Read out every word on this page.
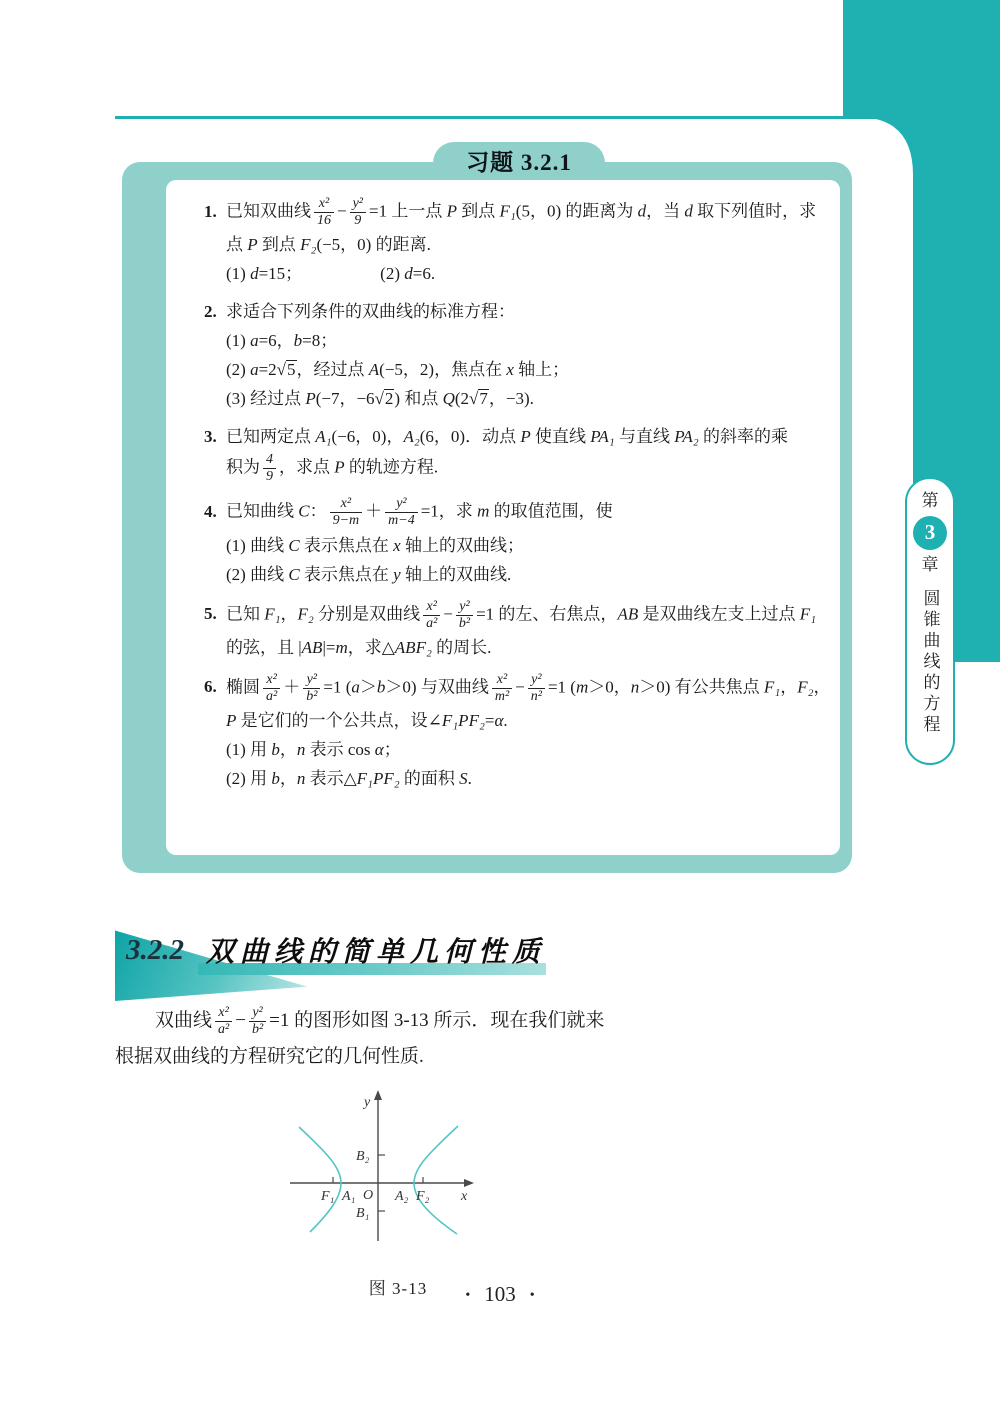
习题 3.2.1
1. 已知双曲线 $\frac{\text{x²}}{16} - \frac{\text{y²}}{9} =1$ 上一点 P 到点 F₁(5，0) 的距离为 d，当 d 取下列值时，求
点 P 到点 F₂(−5，0) 的距离.
(1) d=15；	(2) d=6.
2. 求适合下列条件的双曲线的标准方程：
(1) a=6，b=8；
(2) a=2√5，经过点 A(−5，2)，焦点在 x 轴上；
(3) 经过点 P(−7，−6√2) 和点 Q(2√7，−3).
3. 已知两定点 A₁(−6，0)，A₂(6，0)．动点 P 使直线 PA₁ 与直线 PA₂ 的斜率的乘
积为 $\frac{4}{9}$ ，求点 P 的轨迹方程.
4. 已知曲线 C： $\frac{\text{x²}}{9-m} + \frac{\text{y²}}{m-4} =1$，求 m 的取值范围，使
(1) 曲线 C 表示焦点在 x 轴上的双曲线；
(2) 曲线 C 表示焦点在 y 轴上的双曲线.
5. 已知 F₁，F₂ 分别是双曲线 $\frac{\text{x²}}{\text{a²}} - \frac{\text{y²}}{\text{b²}} =1$ 的左、右焦点，AB 是双曲线左支上过点 F₁
的弦，且 |AB|=m，求△ABF₂ 的周长.
6. 椭圆 $\frac{\text{x²}}{\text{a²}} + \frac{\text{y²}}{\text{b²}} =1$ (a＞b＞0) 与双曲线 $\frac{\text{x²}}{\text{m²}} - \frac{\text{y²}}{\text{n²}} =1$ (m＞0，n＞0) 有公共焦点 F₁，F₂，
P 是它们的一个公共点，设∠F₁PF₂=α.
(1) 用 b，n 表示 cos α；
(2) 用 b，n 表示△F₁PF₂ 的面积 S.
第
3
章
圆锥曲线的方程
3.2.2 双曲线的简单几何性质
双曲线 $\frac{\text{x²}}{\text{a²}} - \frac{\text{y²}}{\text{b²}} =1$ 的图形如图 3-13 所示．现在我们就来
根据双曲线的方程研究它的几何性质.
y
x
O
F₁ A₁	A₂ F₂
B₂
B₁
图 3-13	• 103 •
